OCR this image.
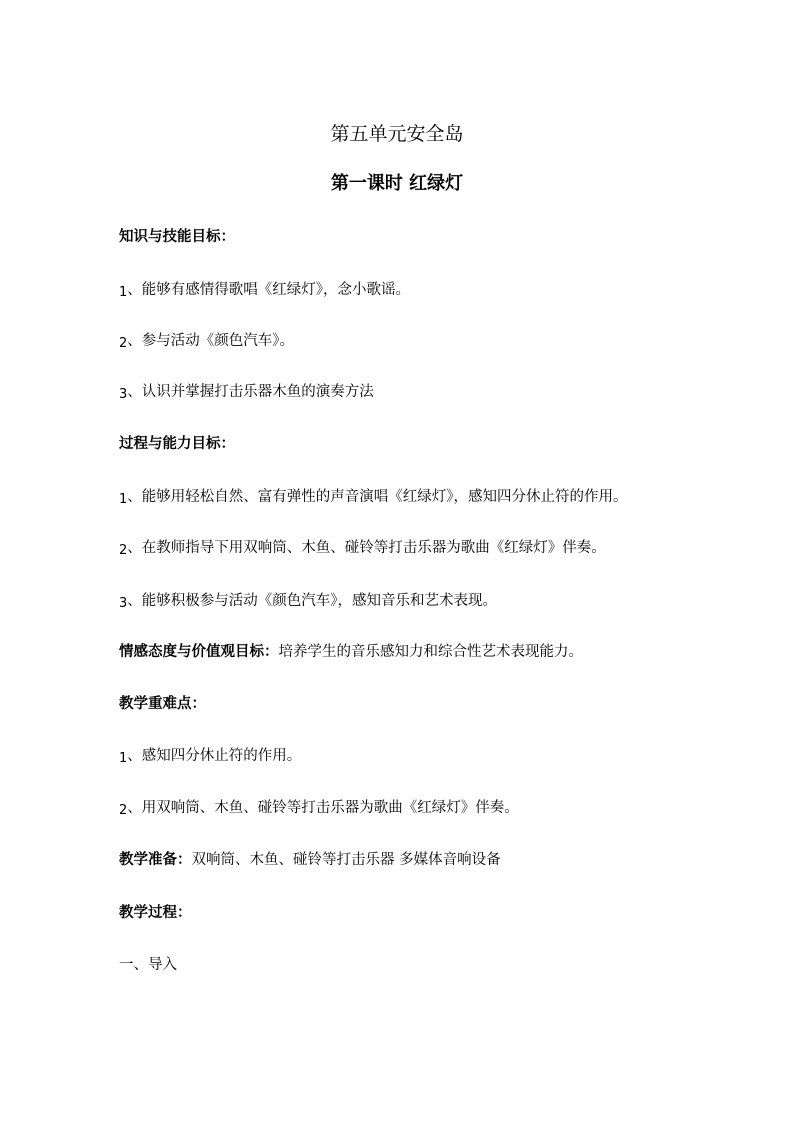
第五单元安全岛
第一课时 红绿灯
知识与技能目标：
1、能够有感情得歌唱《红绿灯》，念小歌谣。
2、参与活动《颜色汽车》。
3、认识并掌握打击乐器木鱼的演奏方法
过程与能力目标：
1、能够用轻松自然、富有弹性的声音演唱《红绿灯》，感知四分休止符的作用。
2、在教师指导下用双响筒、木鱼、碰铃等打击乐器为歌曲《红绿灯》伴奏。
3、能够积极参与活动《颜色汽车》，感知音乐和艺术表现。
情感态度与价值观目标：培养学生的音乐感知力和综合性艺术表现能力。
教学重难点：
1、感知四分休止符的作用。
2、用双响筒、木鱼、碰铃等打击乐器为歌曲《红绿灯》伴奏。
教学准备：双响筒、木鱼、碰铃等打击乐器 多媒体音响设备
教学过程：
一、导入
